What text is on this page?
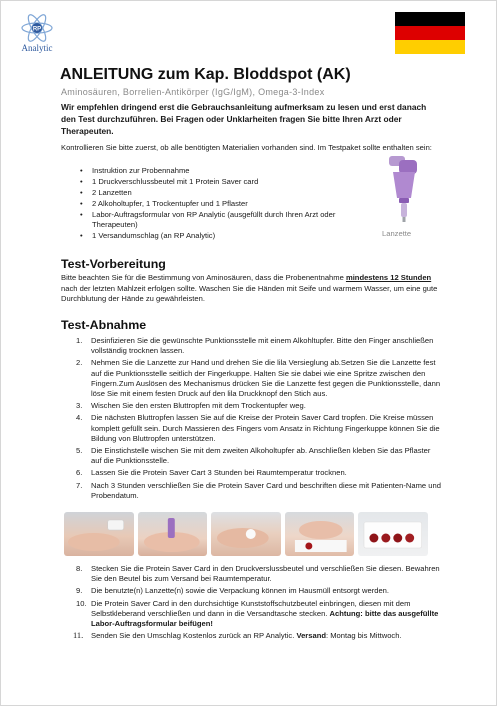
RP
Analytic
ANLEITUNG zum Kap. Bloddspot (AK)
Aminosäuren, Borrelien-Antikörper (IgG/IgM), Omega-3-Index
Wir empfehlen dringend erst die Gebrauchsanleitung aufmerksam zu lesen und erst danach den Test durchzuführen. Bei Fragen oder Unklarheiten fragen Sie bitte Ihren Arzt oder Therapeuten.
Kontrollieren Sie bitte zuerst, ob alle benötigten Materialien vorhanden sind. Im Testpaket sollte enthalten sein:
• Instruktion zur Probennahme
• 1 Druckverschlussbeutel mit 1 Protein Saver card
• 2 Lanzetten
• 2 Alkoholtupfer, 1 Trockentupfer und 1 Pflaster
• Labor-Auftragsformular von RP Analytic (ausgefüllt durch Ihren Arzt oder Therapeuten)
• 1 Versandumschlag (an RP Analytic)	Lanzette
Test-Vorbereitung
Bitte beachten Sie für die Bestimmung von Aminosäuren, dass die Probenentnahme mindestens 12 Stunden nach der letzten Mahlzeit erfolgen sollte. Waschen Sie die Händen mit Seife und warmem Wasser, um eine gute Durchblutung der Hände zu gewährleisten.
Test-Abnahme
1. Desinfizieren Sie die gewünschte Punktionsstelle mit einem Alkohltupfer. Bitte den Finger anschließen vollständig trocknen lassen.
2. Nehmen Sie die Lanzette zur Hand und drehen Sie die lila Versieglung ab.Setzen Sie die Lanzette fest auf die Punktionsstelle seitlich der Fingerkuppe. Halten Sie sie dabei wie eine Spritze zwischen den Fingern.Zum Auslösen des Mechanismus drücken Sie die Lanzette fest gegen die Punktionsstelle, dann löse Sie mit einem festen Druck auf den lila Druckknopf den Stich aus.
3. Wischen Sie den ersten Bluttropfen mit dem Trockentupfer weg.
4. Die nächsten Bluttropfen lassen Sie auf die Kreise der Protein Saver Card tropfen. Die Kreise müssen komplett gefüllt sein. Durch Massieren des Fingers vom Ansatz in Richtung Fingerkuppe können Sie die Bildung von Bluttropfen unterstützen.
5. Die Einstichstelle wischen Sie mit dem zweiten Alkoholtupfer ab. Anschließen kleben Sie das Pflaster auf die Punktionsstelle.
6. Lassen Sie die Protein Saver Cart 3 Stunden bei Raumtemperatur trocknen.
7. Nach 3 Stunden verschließen Sie die Protein Saver Card und beschriften diese mit Patienten-Name und Probendatum.
8. Stecken Sie die Protein Saver Card in den Druckverslussbeutel und verschließen Sie diesen. Bewahren Sie den Beutel bis zum Versand bei Raumtemperatur.
9. Die benutzte(n) Lanzette(n) sowie die Verpackung können im Hausmüll entsorgt werden.
10. Die Protein Saver Card in den durchsichtige Kunststoffschutzbeutel einbringen, diesen mit dem Selbstkleberand verschließen und dann in die Versandtasche stecken. Achtung: bitte das ausgefüllte Labor-Auftragsformular beifügen!
11. Senden Sie den Umschlag Kostenlos zurück an RP Analytic. Versand: Montag bis Mittwoch.
